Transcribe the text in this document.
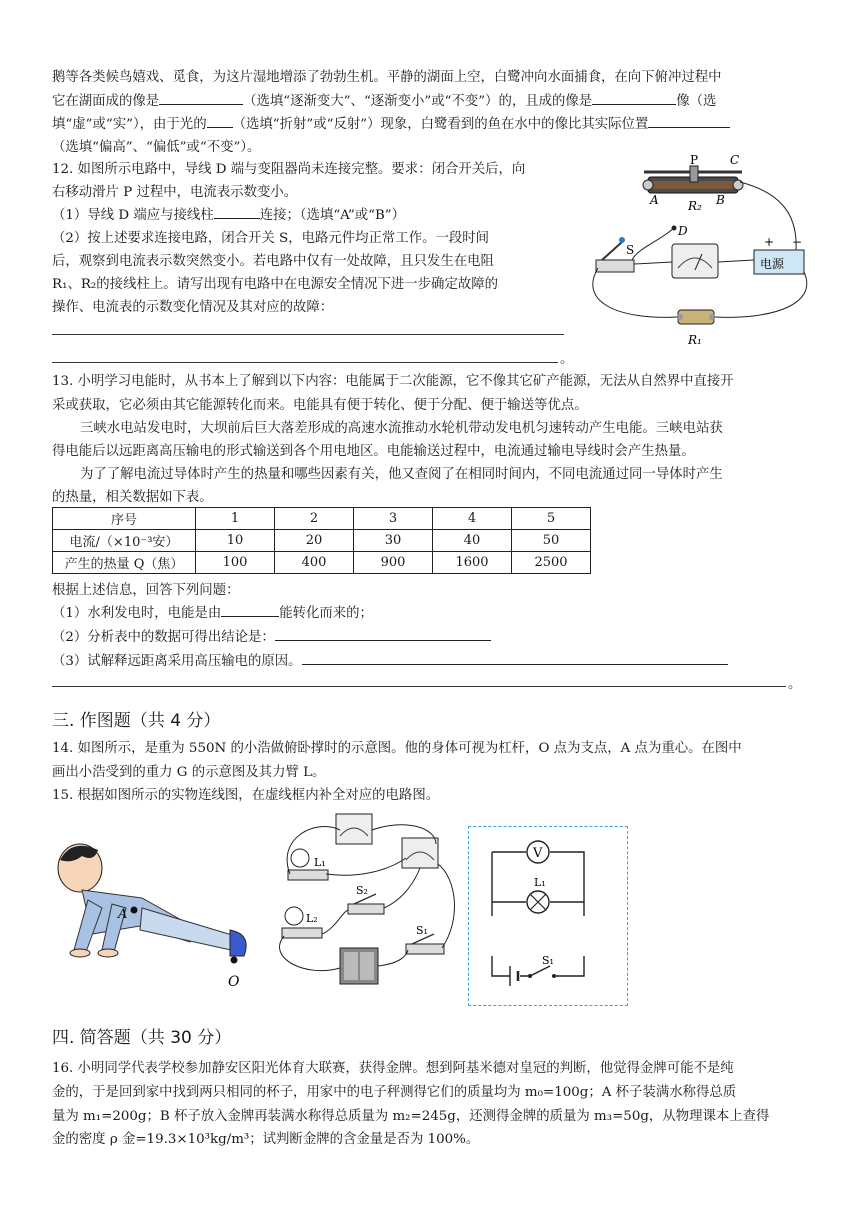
鹅等各类候鸟嬉戏、觅食，为这片湿地增添了勃勃生机。平静的湖面上空，白鹭冲向水面捕食，在向下俯冲过程中
它在湖面成的像是	（选填“逐渐变大”、“逐渐变小”或“不变”）的，且成的像是	像（选
填“虚”或“实”），由于光的 （选填“折射”或“反射”）现象，白鹭看到的鱼在水中的像比其实际位置
（选填“偏高”、“偏低”或“不变”）。
12. 如图所示电路中，导线 D 端与变阻器尚未连接完整。要求：闭合开关后，向
右移动滑片 P 过程中，电流表示数变小。
（1）导线 D 端应与接线柱	连接；（选填“A”或“B”）
（2）按上述要求连接电路，闭合开关 S，电路元件均正常工作。一段时间
后，观察到电流表示数突然变小。若电路中仅有一处故障，且只发生在电阻
R₁、R₂的接线柱上。请写出现有电路中在电源安全情况下进一步确定故障的
操作、电流表的示数变化情况及其对应的故障：
。
P	C
A R₂ B
D
S
电源
+ −
R₁
13. 小明学习电能时，从书本上了解到以下内容：电能属于二次能源，它不像其它矿产能源，无法从自然界中直接开
采或获取，它必须由其它能源转化而来。电能具有便于转化、便于分配、便于输送等优点。
三峡水电站发电时，大坝前后巨大落差形成的高速水流推动水轮机带动发电机匀速转动产生电能。三峡电站获
得电能后以远距离高压输电的形式输送到各个用电地区。电能输送过程中，电流通过输电导线时会产生热量。
为了了解电流过导体时产生的热量和哪些因素有关，他又查阅了在相同时间内，不同电流通过同一导体时产生
的热量，相关数据如下表。
序号	1	2	3	4	5
电流/（×10⁻³安）	10	20	30	40	50
产生的热量 Q（焦）	100	400	900	1600	2500
根据上述信息，回答下列问题：
（1）水利发电时，电能是由	能转化而来的；
（2）分析表中的数据可得出结论是：
（3）试解释远距离采用高压输电的原因。
。
三. 作图题（共 4 分）
14. 如图所示，是重为 550N 的小浩做俯卧撑时的示意图。他的身体可视为杠杆，O 点为支点，A 点为重心。在图中
画出小浩受到的重力 G 的示意图及其力臂 L。
15. 根据如图所示的实物连线图，在虚线框内补全对应的电路图。
A
O
L₁
L₂
S₂
S₁
V
L₁
S₁
四. 简答题（共 30 分）
16. 小明同学代表学校参加静安区阳光体育大联赛，获得金牌。想到阿基米德对皇冠的判断，他觉得金牌可能不是纯
金的，于是回到家中找到两只相同的杯子，用家中的电子秤测得它们的质量均为 m₀=100g；A 杯子装满水称得总质
量为 m₁=200g；B 杯子放入金牌再装满水称得总质量为 m₂=245g，还测得金牌的质量为 m₃=50g，从物理课本上查得
金的密度 ρ 金=19.3×10³kg/m³；试判断金牌的含金量是否为 100%。
